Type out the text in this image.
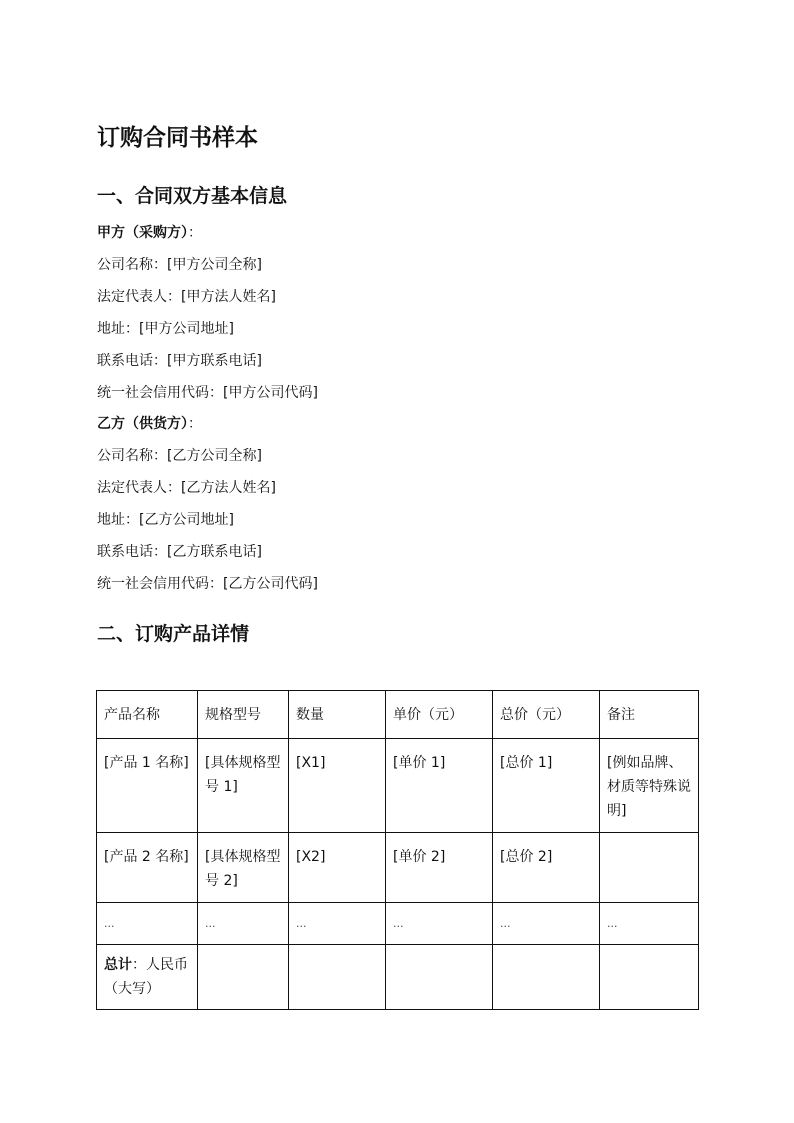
订购合同书样本
一、合同双方基本信息

甲方（采购方）：

公司名称：[甲方公司全称]

法定代表人：[甲方法人姓名]

地址：[甲方公司地址]

联系电话：[甲方联系电话]

统一社会信用代码：[甲方公司代码]

乙方（供货方）：

公司名称：[乙方公司全称]

法定代表人：[乙方法人姓名]

地址：[乙方公司地址]

联系电话：[乙方联系电话]

统一社会信用代码：[乙方公司代码]

二、订购产品详情
产品名称	规格型号	数量	单价（元）	总价（元）	备注
[产品 1 名称]	[具体规格型号 1]	[X1]	[单价 1]	[总价 1]	[例如品牌、材质等特殊说明]
[产品 2 名称]	[具体规格型号 2]	[X2]	[单价 2]	[总价 2]	
...	...	...	...	...	...
总计：人民币（大写）					
